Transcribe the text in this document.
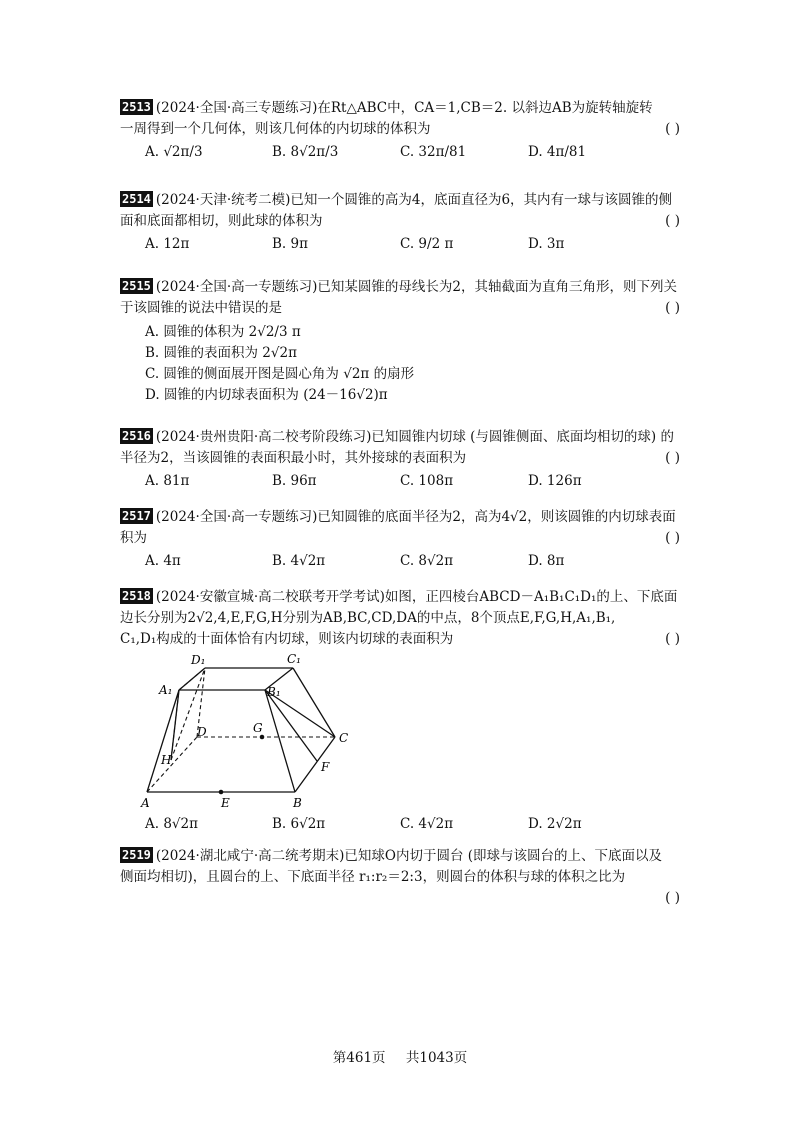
2513 (2024·全国·高三专题练习)在Rt△ABC中，CA＝1,CB＝2. 以斜边AB为旋转轴旋转
一周得到一个几何体，则该几何体的内切球的体积为	( )
A. √2π/3	B. 8√2π/3	C. 32π/81	D. 4π/81
2514 (2024·天津·统考二模)已知一个圆锥的高为4，底面直径为6，其内有一球与该圆锥的侧
面和底面都相切，则此球的体积为	( )
A. 12π	B. 9π	C. 9/2 π	D. 3π
2515 (2024·全国·高一专题练习)已知某圆锥的母线长为2，其轴截面为直角三角形，则下列关
于该圆锥的说法中错误的是	( )
A. 圆锥的体积为 2√2/3 π
B. 圆锥的表面积为 2√2π
C. 圆锥的侧面展开图是圆心角为 √2π 的扇形
D. 圆锥的内切球表面积为 (24－16√2)π
2516 (2024·贵州贵阳·高二校考阶段练习)已知圆锥内切球 (与圆锥侧面、底面均相切的球) 的
半径为2，当该圆锥的表面积最小时，其外接球的表面积为	( )
A. 81π	B. 96π	C. 108π	D. 126π
2517 (2024·全国·高一专题练习)已知圆锥的底面半径为2，高为4√2，则该圆锥的内切球表面
积为	( )
A. 4π	B. 4√2π	C. 8√2π	D. 8π
2518 (2024·安徽宣城·高二校联考开学考试)如图，正四棱台ABCD－A₁B₁C₁D₁的上、下底面
边长分别为2√2,4,E,F,G,H分别为AB,BC,CD,DA的中点，8个顶点E,F,G,H,A₁,B₁,
C₁,D₁构成的十面体恰有内切球，则该内切球的表面积为	( )
D₁	C₁
A₁	B₁
D	G
C
H	F
A	E	B
A. 8√2π	B. 6√2π	C. 4√2π	D. 2√2π
2519 (2024·湖北咸宁·高二统考期末)已知球O内切于圆台 (即球与该圆台的上、下底面以及
侧面均相切)，且圆台的上、下底面半径 r₁:r₂＝2:3，则圆台的体积与球的体积之比为
( )
第461页 共1043页
